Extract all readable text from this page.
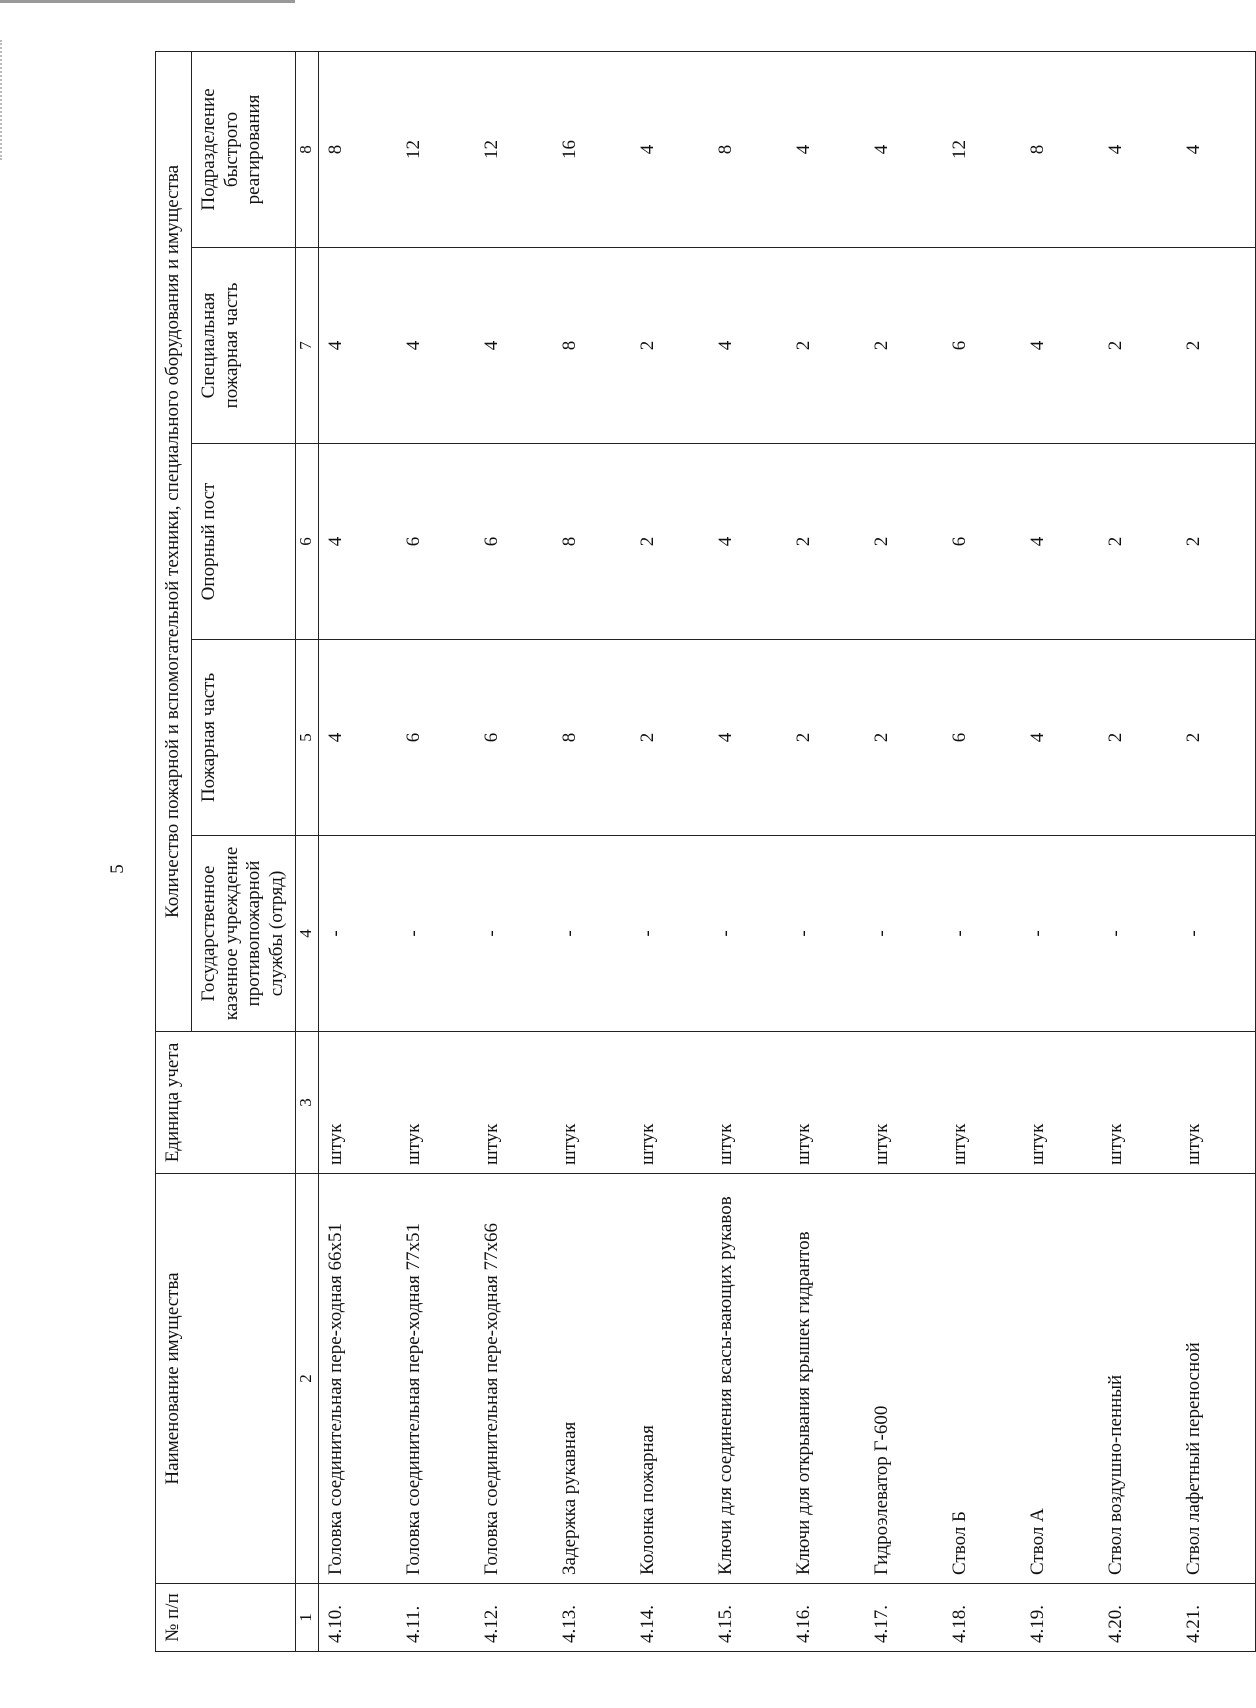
5
№ п/п	Наименование имущества	Единица учета	Количество пожарной и вспомогательной техники, специального оборудования и имущества				
			Государственное казенное учреждение противопожарной службы (отряд)	Пожарная часть	Опорный пост	Специальная пожарная часть	Подразделение быстрого реагирования
1	2	3	4	5	6	7	8
4.10.	Головка соединительная пере-ходная 66х51	штук	-	4	4	4	8
4.11.	Головка соединительная пере-ходная 77х51	штук	-	6	6	4	12
4.12.	Головка соединительная пере-ходная 77х66	штук	-	6	6	4	12
4.13.	Задержка рукавная	штук	-	8	8	8	16
4.14.	Колонка пожарная	штук	-	2	2	2	4
4.15.	Ключи для соединения всасы-вающих рукавов	штук	-	4	4	4	8
4.16.	Ключи для открывания крышек гидрантов	штук	-	2	2	2	4
4.17.	Гидроэлеватор Г-600	штук	-	2	2	2	4
4.18.	Ствол Б	штук	-	6	6	6	12
4.19.	Ствол А	штук	-	4	4	4	8
4.20.	Ствол воздушно-пенный	штук	-	2	2	2	4
4.21.	Ствол лафетный переносной	штук	-	2	2	2	4
